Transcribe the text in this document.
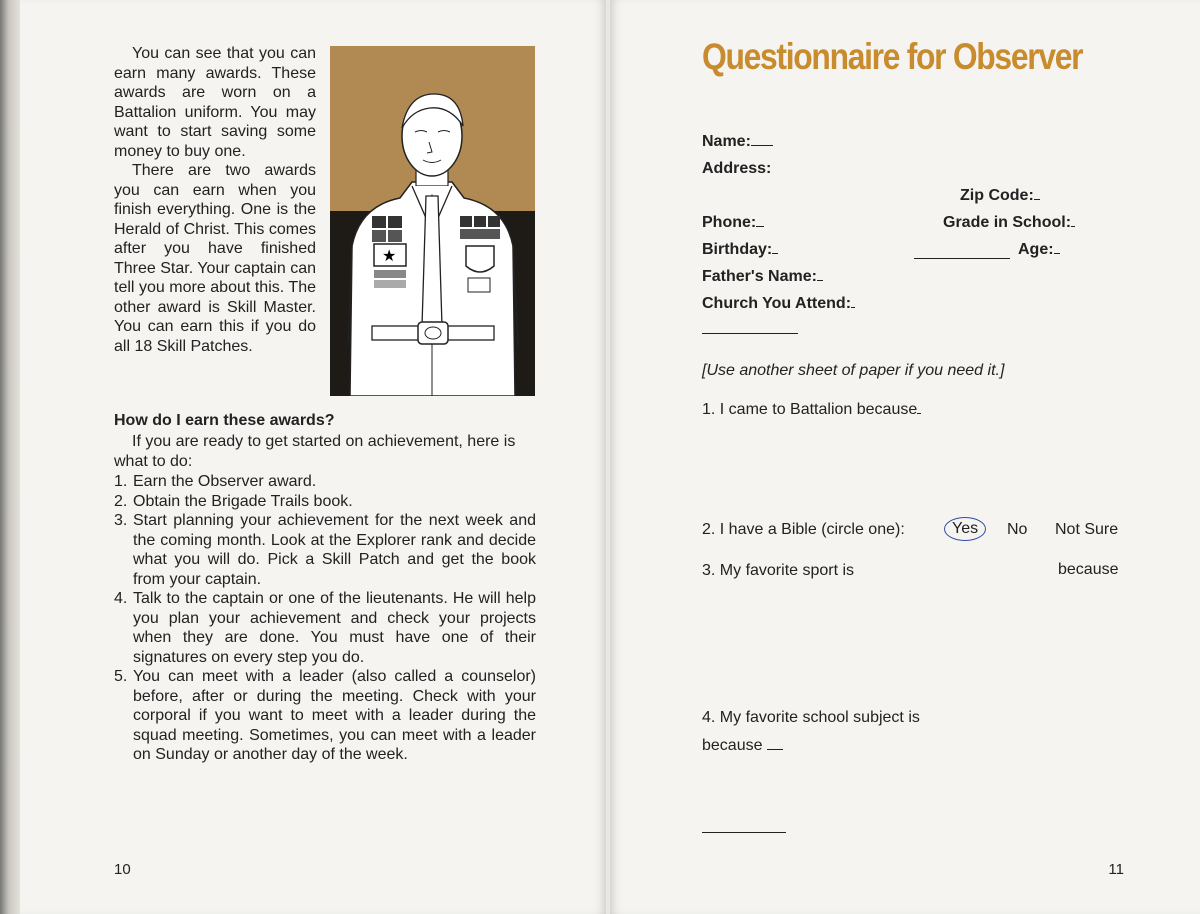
You can see that you can earn many awards. These awards are worn on a Battalion uniform. You may want to start saving some money to buy one.

There are two awards you can earn when you finish everything. One is the Herald of Christ. This comes after you have finished Three Star. Your captain can tell you more about this. The other award is Skill Master. You can earn this if you do all 18 Skill Patches.

★

How do I earn these awards?

If you are ready to get started on achievement, here is what to do:

1. Earn the Observer award.
2. Obtain the Brigade Trails book.
3. Start planning your achievement for the next week and the coming month. Look at the Explorer rank and decide what you will do. Pick a Skill Patch and get the book from your captain.
4. Talk to the captain or one of the lieutenants. He will help you plan your achievement and check your projects when they are done. You must have one of their signatures on every step you do.
5. You can meet with a leader (also called a counselor) before, after or during the meeting. Check with your corporal if you want to meet with a leader during the squad meeting. Sometimes, you can meet with a leader on Sunday or another day of the week.
10
Questionnaire for Observer
Name:
Address:
Zip Code:
Phone:	Grade in School:
Birthday:	Age:
Father's Name:
Church You Attend:
[Use another sheet of paper if you need it.]
1. I came to Battalion because
2. I have a Bible (circle one):	Yes	No Not Sure
3. My favorite sport is	because
4. My favorite school subject is
because
11
